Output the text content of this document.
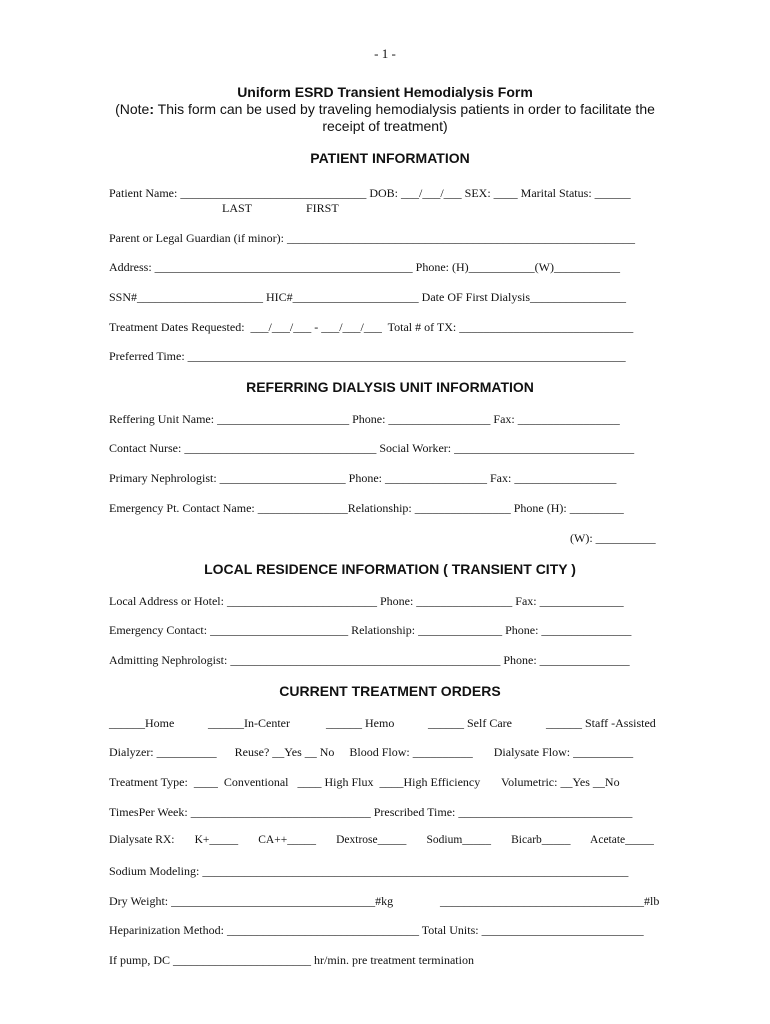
- 1 -
Uniform ESRD Transient Hemodialysis Form
(Note: This form can be used by traveling hemodialysis patients in order to facilitate the receipt of treatment)
PATIENT INFORMATION
Patient Name: _______________________________ DOB: ___/___/___ SEX: ____ Marital Status: ______
LAST	FIRST
Parent or Legal Guardian (if minor): __________________________________________________________
Address: ___________________________________________ Phone: (H)___________(W)___________
SSN#_____________________ HIC#_____________________ Date OF First Dialysis________________
Treatment Dates Requested:  ___/___/___ - ___/___/___  Total # of TX: _____________________________
Preferred Time: _________________________________________________________________________
REFERRING DIALYSIS UNIT INFORMATION
Reffering Unit Name: ______________________ Phone: _________________ Fax: _________________
Contact Nurse: ________________________________ Social Worker: ______________________________
Primary Nephrologist: _____________________ Phone: _________________ Fax: _________________
Emergency Pt. Contact Name: _______________Relationship: ________________ Phone (H): _________
(W): __________
LOCAL RESIDENCE INFORMATION ( TRANSIENT CITY )
Local Address or Hotel: _________________________ Phone: ________________ Fax: ______________
Emergency Contact: _______________________ Relationship: ______________ Phone: _______________
Admitting Nephrologist: _____________________________________________ Phone: _______________
CURRENT TREATMENT ORDERS
______Home	______In-Center	______ Hemo	______ Self Care	______ Staff -Assisted
Dialyzer: __________      Reuse? __Yes __ No     Blood Flow: __________       Dialysate Flow: __________
Treatment Type:  ____  Conventional   ____ High Flux  ____High Efficiency       Volumetric: __Yes __No
TimesPer Week: ______________________________ Prescribed Time: _____________________________
Dialysate RX:       K+_____       CA++_____       Dextrose_____       Sodium_____       Bicarb_____       Acetate_____
Sodium Modeling: _______________________________________________________________________
Dry Weight: __________________________________#kg	__________________________________#lb
Heparinization Method: ________________________________ Total Units: ___________________________
If pump, DC _______________________ hr/min. pre treatment termination
